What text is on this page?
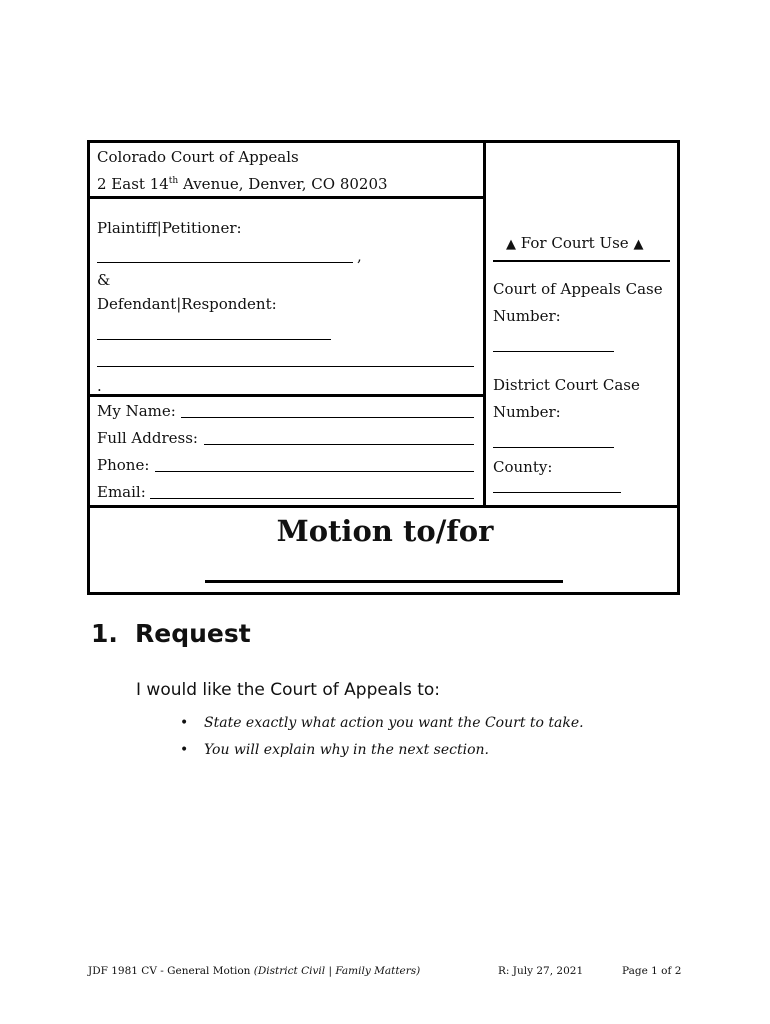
Colorado Court of Appeals
2 East 14th Avenue, Denver, CO 80203
Plaintiff|Petitioner:
,
&
Defendant|Respondent:
.
My Name:
Full Address:
Phone:
Email:
▲ For Court Use ▲
Court of Appeals Case
Number:
District Court Case
Number:
County:
Motion to/for
1. Request
I would like the Court of Appeals to:
• State exactly what action you want the Court to take.
• You will explain why in the next section.
JDF 1981 CV - General Motion (District Civil | Family Matters)	R: July 27, 2021	Page 1 of 2
